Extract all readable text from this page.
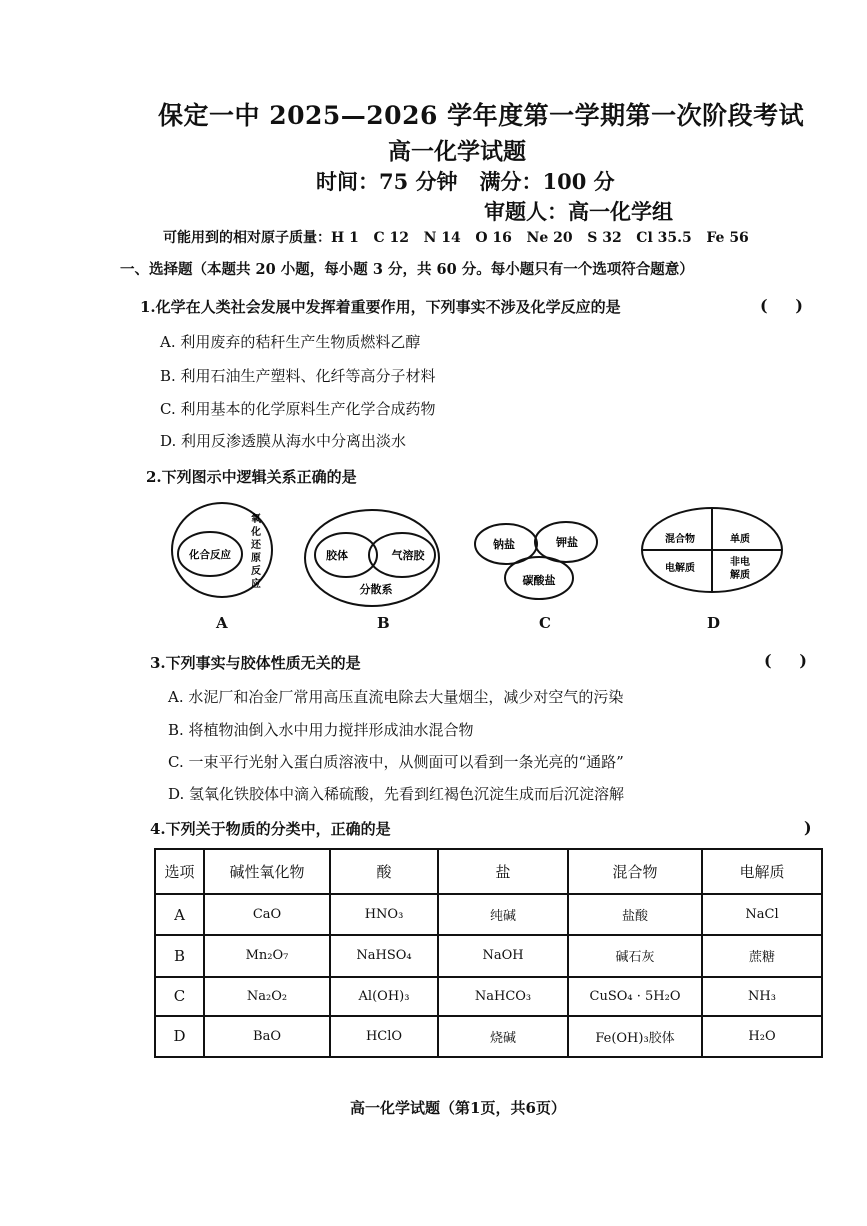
保定一中 2025—2026 学年度第一学期第一次阶段考试
高一化学试题
时间：75 分钟   满分：100 分
审题人：高一化学组
可能用到的相对原子质量：H 1   C 12   N 14   O 16   Ne 20   S 32   Cl 35.5   Fe 56
一、选择题（本题共 20 小题，每小题 3 分，共 60 分。每小题只有一个选项符合题意）
1.化学在人类社会发展中发挥着重要作用，下列事实不涉及化学反应的是	(     )
A. 利用废弃的秸秆生产生物质燃料乙醇
B. 利用石油生产塑料、化纤等高分子材料
C. 利用基本的化学原料生产化学合成药物
D. 利用反渗透膜从海水中分离出淡水
2.下列图示中逻辑关系正确的是
化合反应
氧
化
还
原
反
应
胶体	气溶胶
分散系
钠盐	钾盐
碳酸盐
混合物	单质
电解质
非电
解质
A	B	C	D
3.下列事实与胶体性质无关的是	(     )
A. 水泥厂和冶金厂常用高压直流电除去大量烟尘，减少对空气的污染
B. 将植物油倒入水中用力搅拌形成油水混合物
C. 一束平行光射入蛋白质溶液中，从侧面可以看到一条光亮的“通路”
D. 氢氧化铁胶体中滴入稀硫酸，先看到红褐色沉淀生成而后沉淀溶解
4.下列关于物质的分类中，正确的是	)
选项	碱性氧化物	酸	盐	混合物	电解质
A	CaO	HNO₃	纯碱	盐酸	NaCl
B	Mn₂O₇	NaHSO₄	NaOH	碱石灰	蔗糖
C	Na₂O₂	Al(OH)₃	NaHCO₃	CuSO₄ · 5H₂O	NH₃
D	BaO	HClO	烧碱	Fe(OH)₃胶体	H₂O
高一化学试题（第1页，共6页）
